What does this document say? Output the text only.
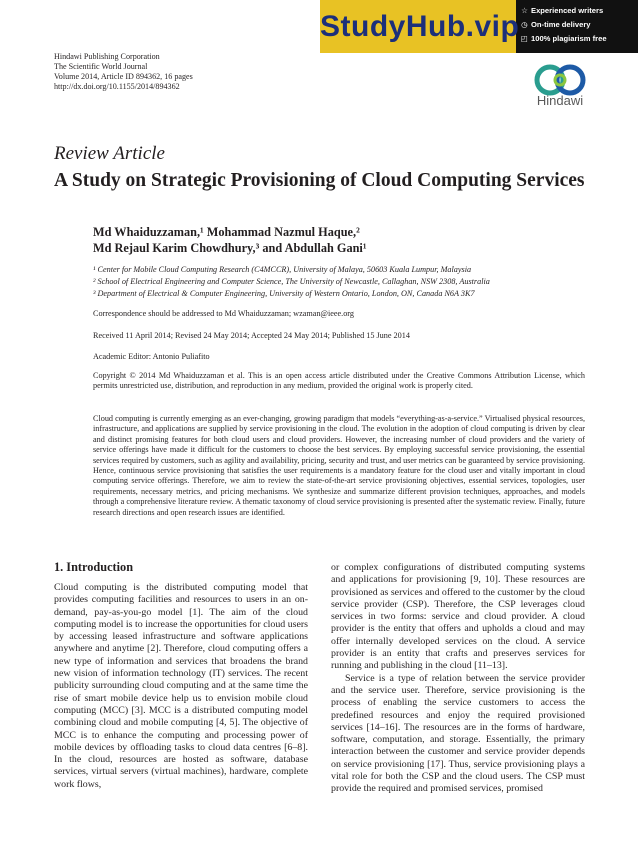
StudyHub.vip ☆ Experienced writers
◷ On-time delivery
◰ 100% plagiarism free
Hindawi Publishing Corporation
The Scientific World Journal
Volume 2014, Article ID 894362, 16 pages
http://dx.doi.org/10.1155/2014/894362
Hindawi
Review Article
A Study on Strategic Provisioning of Cloud Computing Services
Md Whaiduzzaman,¹ Mohammad Nazmul Haque,²
Md Rejaul Karim Chowdhury,³ and Abdullah Gani¹
¹ Center for Mobile Cloud Computing Research (C4MCCR), University of Malaya, 50603 Kuala Lumpur, Malaysia
² School of Electrical Engineering and Computer Science, The University of Newcastle, Callaghan, NSW 2308, Australia
³ Department of Electrical & Computer Engineering, University of Western Ontario, London, ON, Canada N6A 3K7
Correspondence should be addressed to Md Whaiduzzaman; wzaman@ieee.org
Received 11 April 2014; Revised 24 May 2014; Accepted 24 May 2014; Published 15 June 2014
Academic Editor: Antonio Puliafito
Copyright © 2014 Md Whaiduzzaman et al. This is an open access article distributed under the Creative Commons Attribution License, which permits unrestricted use, distribution, and reproduction in any medium, provided the original work is properly cited.
Cloud computing is currently emerging as an ever-changing, growing paradigm that models “everything-as-a-service.” Virtualised physical resources, infrastructure, and applications are supplied by service provisioning in the cloud. The evolution in the adoption of cloud computing is driven by clear and distinct promising features for both cloud users and cloud providers. However, the increasing number of cloud providers and the variety of service offerings have made it difficult for the customers to choose the best services. By employing successful service provisioning, the essential services required by customers, such as agility and availability, pricing, security and trust, and user metrics can be guaranteed by service provisioning. Hence, continuous service provisioning that satisfies the user requirements is a mandatory feature for the cloud user and vitally important in cloud computing service offerings. Therefore, we aim to review the state-of-the-art service provisioning objectives, essential services, topologies, user requirements, necessary metrics, and pricing mechanisms. We synthesize and summarize different provision techniques, approaches, and models through a comprehensive literature review. A thematic taxonomy of cloud service provisioning is presented after the systematic review. Finally, future research directions and open research issues are identified.
1. Introduction

Cloud computing is the distributed computing model that provides computing facilities and resources to users in an on-demand, pay-as-you-go model [1]. The aim of the cloud computing model is to increase the opportunities for cloud users by accessing leased infrastructure and software applications anywhere and anytime [2]. Therefore, cloud computing offers a new type of information and services that broadens the brand new vision of information technology (IT) services. The recent publicity surrounding cloud computing and at the same time the rise of smart mobile device help us to envision mobile cloud computing (MCC) [3]. MCC is a distributed computing model combining cloud and mobile computing [4, 5]. The objective of MCC is to enhance the computing and processing power of mobile devices by offloading tasks to cloud data centres [6–8]. In the cloud, resources are hosted as software, database services, virtual servers (virtual machines), hardware, complete work flows,

or complex configurations of distributed computing systems and applications for provisioning [9, 10]. These resources are provisioned as services and offered to the customer by the cloud service provider (CSP). Therefore, the CSP leverages cloud services in two forms: service and cloud provider. A cloud provider is the entity that offers and upholds a cloud and may offer internally developed services on the cloud. A service provider is an entity that crafts and preserves services for running and publishing in the cloud [11–13].

Service is a type of relation between the service provider and the service user. Therefore, service provisioning is the process of enabling the service customers to access the predefined resources and enjoy the required provisioned services [14–16]. The resources are in the forms of hardware, software, computation, and storage. Essentially, the primary interaction between the customer and service provider depends on service provisioning [17]. Thus, service provisioning plays a vital role for both the CSP and the cloud users. The CSP must provide the required and promised services, promised
